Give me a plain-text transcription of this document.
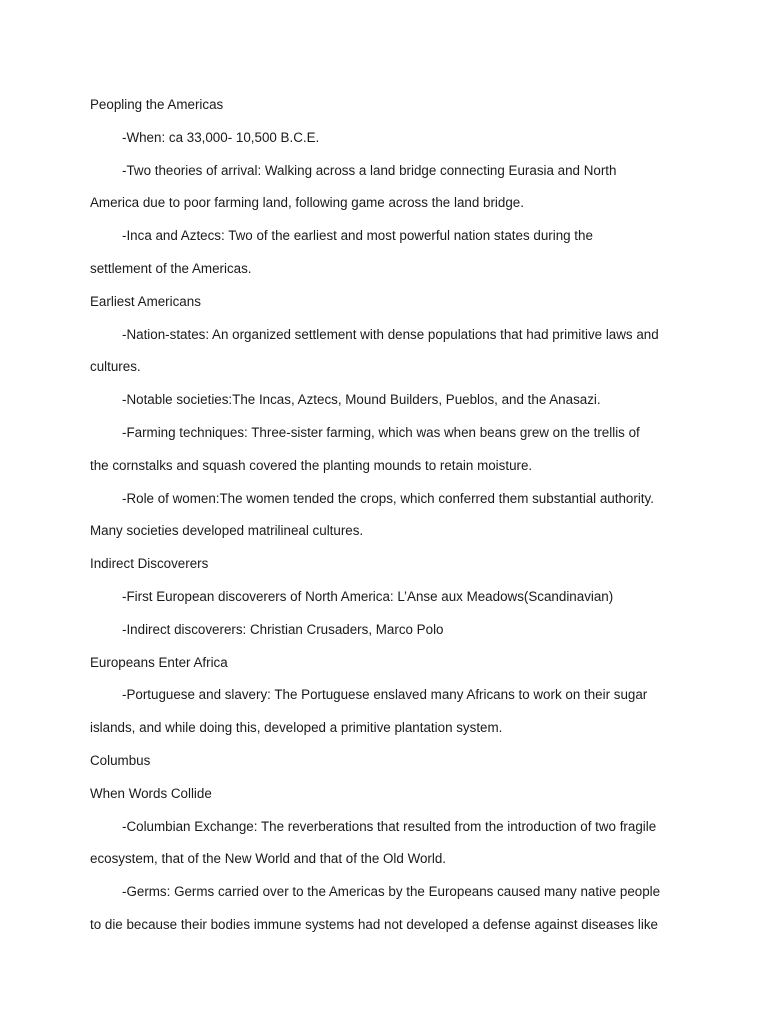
Peopling the Americas
-When: ca 33,000- 10,500 B.C.E.
-Two theories of arrival: Walking across a land bridge connecting Eurasia and North
America due to poor farming land, following game across the land bridge.
-Inca and Aztecs: Two of the earliest and most powerful nation states during the
settlement of the Americas.
Earliest Americans
-Nation-states: An organized settlement with dense populations that had primitive laws and
cultures.
-Notable societies:The Incas, Aztecs, Mound Builders, Pueblos, and the Anasazi.
-Farming techniques: Three-sister farming, which was when beans grew on the trellis of
the cornstalks and squash covered the planting mounds to retain moisture.
-Role of women:The women tended the crops, which conferred them substantial authority.
Many societies developed matrilineal cultures.
Indirect Discoverers
-First European discoverers of North America: L’Anse aux Meadows(Scandinavian)
-Indirect discoverers: Christian Crusaders, Marco Polo
Europeans Enter Africa
-Portuguese and slavery: The Portuguese enslaved many Africans to work on their sugar
islands, and while doing this, developed a primitive plantation system.
Columbus
When Words Collide
-Columbian Exchange: The reverberations that resulted from the introduction of two fragile
ecosystem, that of the New World and that of the Old World.
-Germs: Germs carried over to the Americas by the Europeans caused many native people
to die because their bodies immune systems had not developed a defense against diseases like
